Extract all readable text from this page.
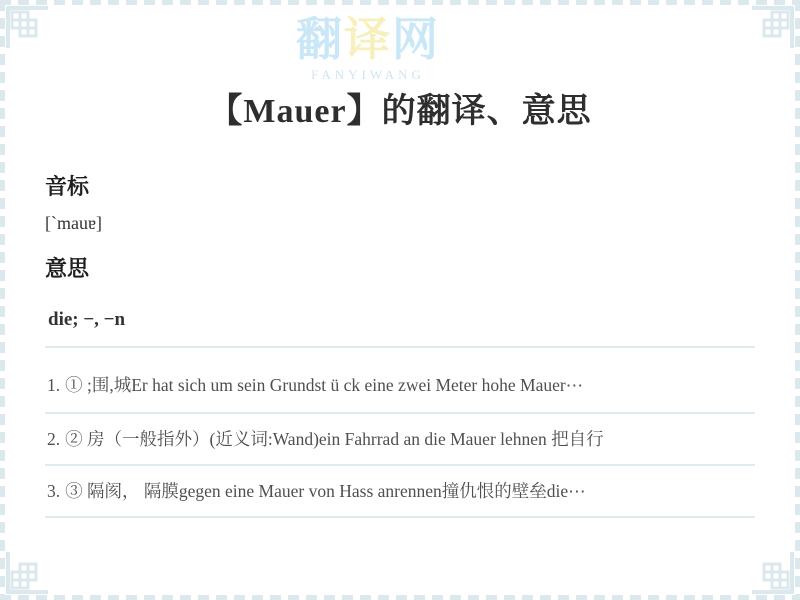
翻译网
FANYIWANG
【Mauer】的翻译、意思
音标

[`mauɐ]

意思

die; −, −n

1. ① ;围,城Er hat sich um sein Grundst ü ck eine zwei Meter hohe Mauer⋯
2. ② 房（一般指外）(近义词:Wand)ein Fahrrad an die Mauer lehnen 把自行
3. ③ 隔阂， 隔膜gegen eine Mauer von Hass anrennen撞仇恨的壁垒die⋯
